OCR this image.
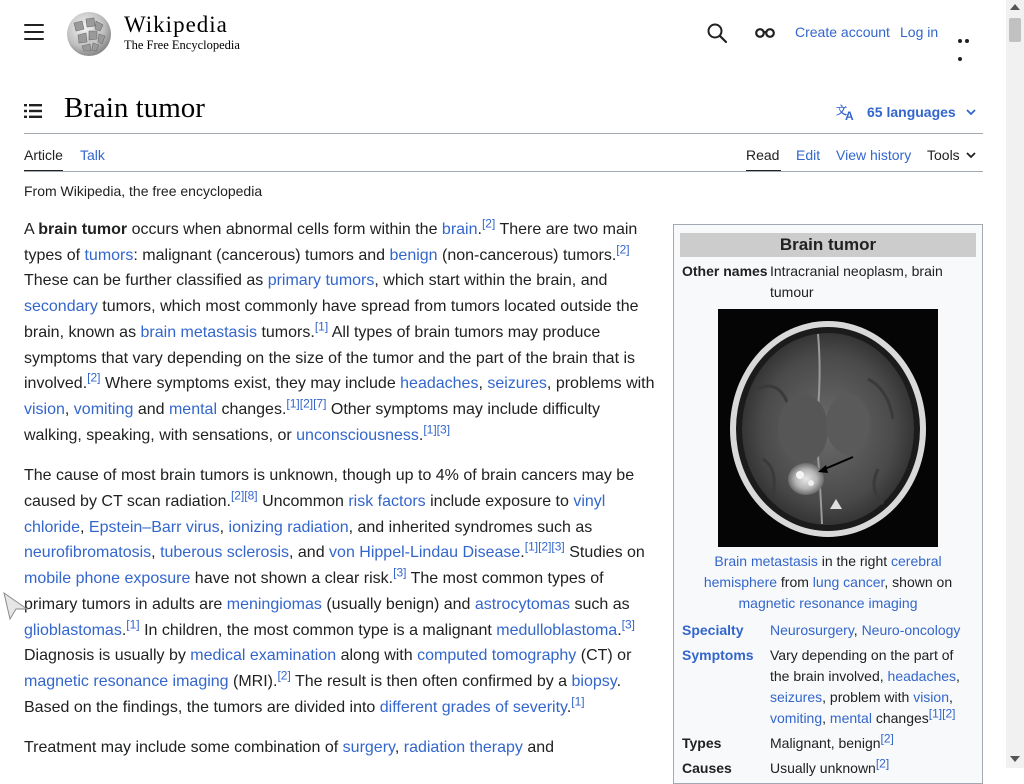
Wikipedia
The Free Encyclopedia
Create account Log in
Brain tumor	文
A 65 languages
Article Talk	Read Edit View history Tools
From Wikipedia, the free encyclopedia

A brain tumor occurs when abnormal cells form within the brain.[2] There are two main types of tumors: malignant (cancerous) tumors and benign (non-cancerous) tumors.[2] These can be further classified as primary tumors, which start within the brain, and secondary tumors, which most commonly have spread from tumors located outside the brain, known as brain metastasis tumors.[1] All types of brain tumors may produce symptoms that vary depending on the size of the tumor and the part of the brain that is involved.[2] Where symptoms exist, they may include headaches, seizures, problems with vision, vomiting and mental changes.[1][2][7] Other symptoms may include difficulty walking, speaking, with sensations, or unconsciousness.[1][3]

The cause of most brain tumors is unknown, though up to 4% of brain cancers may be caused by CT scan radiation.[2][8] Uncommon risk factors include exposure to vinyl chloride, Epstein–Barr virus, ionizing radiation, and inherited syndromes such as neurofibromatosis, tuberous sclerosis, and von Hippel-Lindau Disease.[1][2][3] Studies on mobile phone exposure have not shown a clear risk.[3] The most common types of primary tumors in adults are meningiomas (usually benign) and astrocytomas such as glioblastomas.[1] In children, the most common type is a malignant medulloblastoma.[3] Diagnosis is usually by medical examination along with computed tomography (CT) or magnetic resonance imaging (MRI).[2] The result is then often confirmed by a biopsy. Based on the findings, the tumors are divided into different grades of severity.[1]

Treatment may include some combination of surgery, radiation therapy and

Brain tumor
Other names Intracranial neoplasm, brain tumour
Brain metastasis in the right cerebral hemisphere from lung cancer, shown on magnetic resonance imaging
Specialty	Neurosurgery, Neuro-oncology
Symptoms	Vary depending on the part of the brain involved, headaches, seizures, problem with vision, vomiting, mental changes[1][2]
Types	Malignant, benign[2]
Causes	Usually unknown[2]
